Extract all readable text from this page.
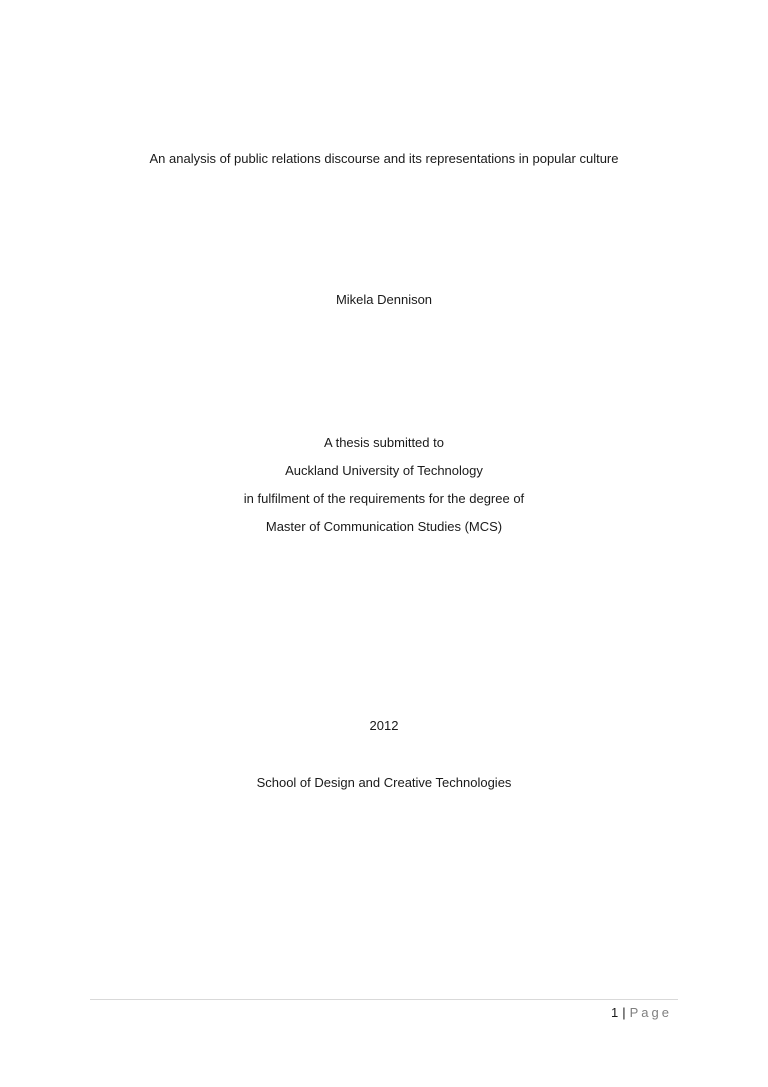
An analysis of public relations discourse and its representations in popular culture
Mikela Dennison
A thesis submitted to
Auckland University of Technology
in fulfilment of the requirements for the degree of
Master of Communication Studies (MCS)
2012
School of Design and Creative Technologies
1 | Page
